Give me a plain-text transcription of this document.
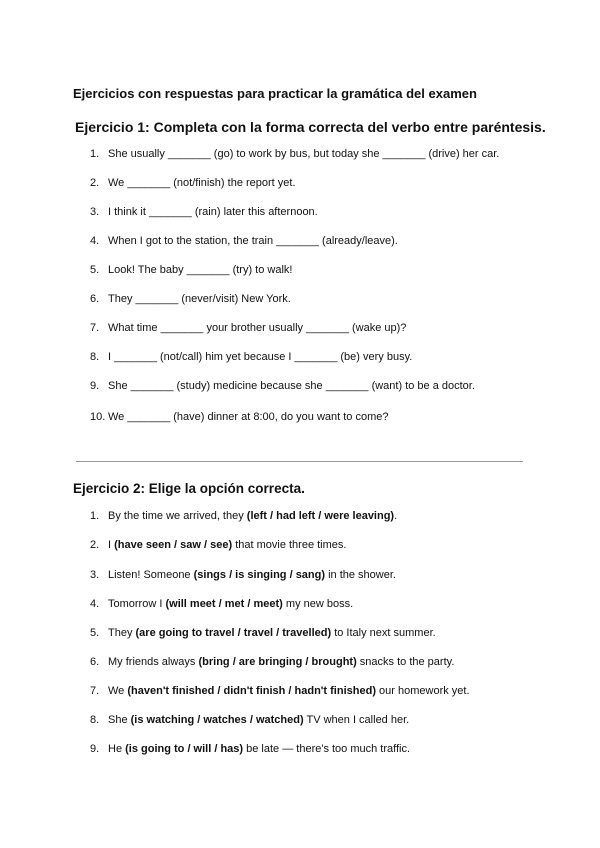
Ejercicios con respuestas para practicar la gramática del examen
Ejercicio 1: Completa con la forma correcta del verbo entre paréntesis.
1. She usually _______ (go) to work by bus, but today she _______ (drive) her car.
2. We _______ (not/finish) the report yet.
3. I think it _______ (rain) later this afternoon.
4. When I got to the station, the train _______ (already/leave).
5. Look! The baby _______ (try) to walk!
6. They _______ (never/visit) New York.
7. What time _______ your brother usually _______ (wake up)?
8. I _______ (not/call) him yet because I _______ (be) very busy.
9. She _______ (study) medicine because she _______ (want) to be a doctor.
10. We _______ (have) dinner at 8:00, do you want to come?
Ejercicio 2: Elige la opción correcta.
1. By the time we arrived, they (left / had left / were leaving).
2. I (have seen / saw / see) that movie three times.
3. Listen! Someone (sings / is singing / sang) in the shower.
4. Tomorrow I (will meet / met / meet) my new boss.
5. They (are going to travel / travel / travelled) to Italy next summer.
6. My friends always (bring / are bringing / brought) snacks to the party.
7. We (haven't finished / didn't finish / hadn't finished) our homework yet.
8. She (is watching / watches / watched) TV when I called her.
9. He (is going to / will / has) be late — there's too much traffic.
